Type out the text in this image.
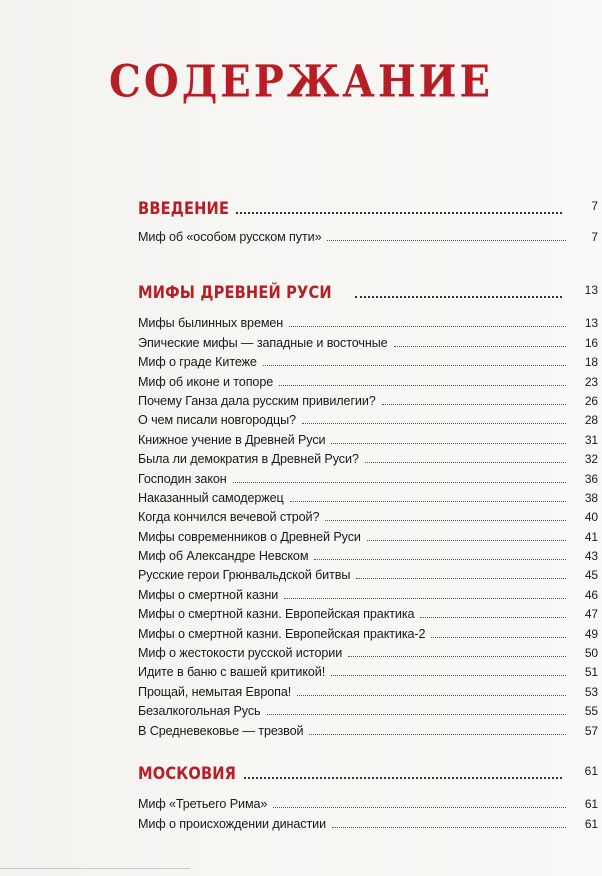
СОДЕРЖАНИЕ
ВВЕДЕНИЕ	7
Миф об «особом русском пути»	7
МИФЫ ДРЕВНЕЙ РУСИ	13
Мифы былинных времен	13
Эпические мифы — западные и восточные	16
Миф о граде Китеже	18
Миф об иконе и топоре	23
Почему Ганза дала русским привилегии?	26
О чем писали новгородцы?	28
Книжное учение в Древней Руси	31
Была ли демократия в Древней Руси?	32
Господин закон	36
Наказанный самодержец	38
Когда кончился вечевой строй?	40
Мифы современников о Древней Руси	41
Миф об Александре Невском	43
Русские герои Грюнвальдской битвы	45
Мифы о смертной казни	46
Мифы о смертной казни. Европейская практика	47
Мифы о смертной казни. Европейская практика-2	49
Миф о жестокости русской истории	50
Идите в баню с вашей критикой!	51
Прощай, немытая Европа!	53
Безалкогольная Русь	55
В Средневековье — трезвой	57
МОСКОВИЯ	61
Миф «Третьего Рима»	61
Миф о происхождении династии	61
